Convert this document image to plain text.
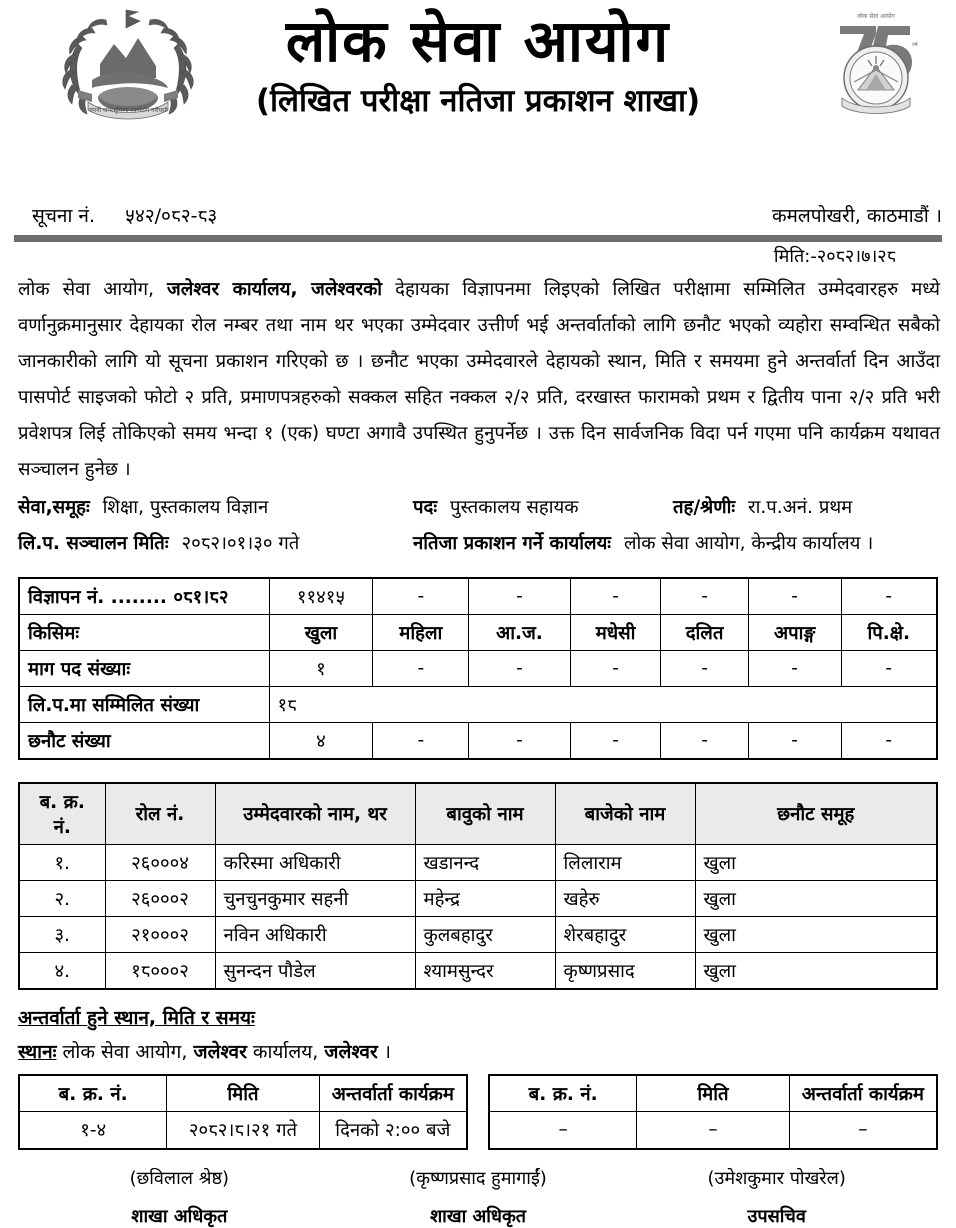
जननी जन्मभूमिश्च स्वर्गादपि गरीयसी
लोक सेवा आयोग
(लिखित परीक्षा नतिजा प्रकाशन शाखा)
लोक सेवा आयोग
वर्ष
सूचना नं. ५४२/०८२-८३	कमलपोखरी, काठमाडौं ।
मिति:-२०८२।७।२८

लोक सेवा आयोग, जलेश्वर कार्यालय, जलेश्वरको देहायका विज्ञापनमा लिइएको लिखित परीक्षामा सम्मिलित उम्मेदवारहरु मध्ये वर्णानुक्रमानुसार देहायका रोल नम्बर तथा नाम थर भएका उम्मेदवार उत्तीर्ण भई अन्तर्वार्ताको लागि छनौट भएको व्यहोरा सम्वन्धित सबैको जानकारीको लागि यो सूचना प्रकाशन गरिएको छ । छनौट भएका उम्मेदवारले देहायको स्थान, मिति र समयमा हुने अन्तर्वार्ता दिन आउँदा पासपोर्ट साइजको फोटो २ प्रति, प्रमाणपत्रहरुको सक्कल सहित नक्कल २/२ प्रति, दरखास्त फारामको प्रथम र द्वितीय पाना २/२ प्रति भरी प्रवेशपत्र लिई तोकिएको समय भन्दा १ (एक) घण्टा अगावै उपस्थित हुनुपर्नेछ । उक्त दिन सार्वजनिक विदा पर्न गएमा पनि कार्यक्रम यथावत सञ्चालन हुनेछ ।

सेवा,समूहः शिक्षा, पुस्तकालय विज्ञान	पदः पुस्तकालय सहायक	तह/श्रेणीः रा.प.अनं. प्रथम
लि.प. सञ्चालन मितिः २०८२।०१।३० गते	नतिजा प्रकाशन गर्ने कार्यालयः लोक सेवा आयोग, केन्द्रीय कार्यालय ।
विज्ञापन नं. ........ ०८१।८२	११४१५	-	-	-	-	-	-
किसिमः	खुला	महिला	आ.ज.	मधेसी	दलित	अपाङ्ग	पि.क्षे.
माग पद संख्याः	१	-	-	-	-	-	-
लि.प.मा सम्मिलित संख्या	१८						
छनौट संख्या	४	-	-	-	-	-	-
ब. क्र. नं.	रोल नं.	उम्मेदवारको नाम, थर	बावुको नाम	बाजेको नाम	छनौट समूह
१.	२६०००४	करिस्मा अधिकारी	खडानन्द	लिलाराम	खुला
२.	२६०००२	चुनचुनकुमार सहनी	महेन्द्र	खहेरु	खुला
३.	२१०००२	नविन अधिकारी	कुलबहादुर	शेरबहादुर	खुला
४.	१८०००२	सुनन्दन पौडेल	श्यामसुन्दर	कृष्णप्रसाद	खुला
अन्तर्वार्ता हुने स्थान, मिति र समयः
स्थानः लोक सेवा आयोग, जलेश्वर कार्यालय, जलेश्वर ।
ब. क्र. नं.	मिति	अन्तर्वार्ता कार्यक्रम
१-४	२०८२।८।२१ गते	दिनको २:०० बजे
ब. क्र. नं.	मिति	अन्तर्वार्ता कार्यक्रम
–	–	–
(छविलाल श्रेष्ठ)
शाखा अधिकृत
(कृष्णप्रसाद हुमागाईं)
शाखा अधिकृत
(उमेशकुमार पोखरेल)
उपसचिव
